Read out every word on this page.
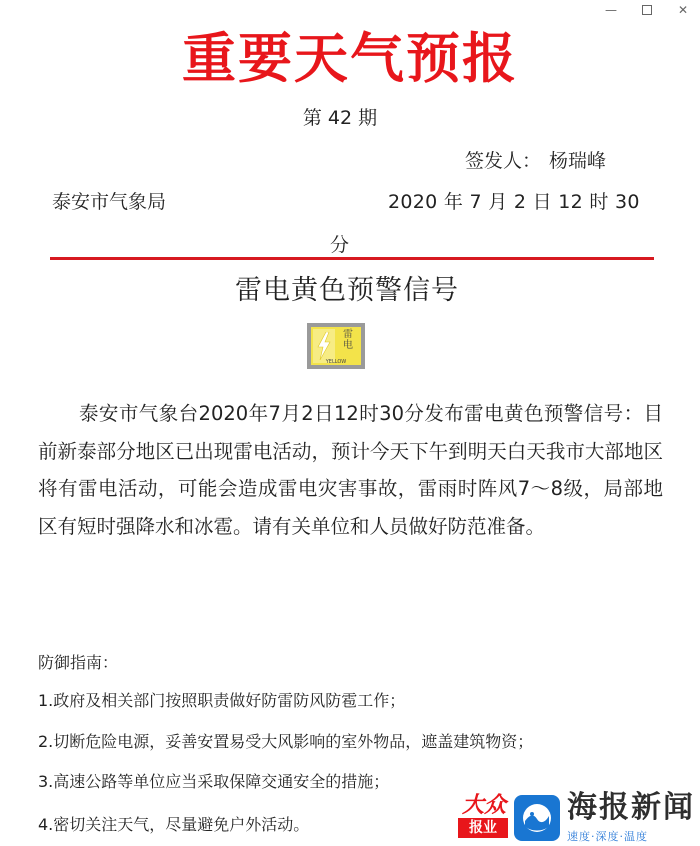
—	✕
重要天气预报
第 42 期
签发人： 杨瑞峰
泰安市气象局	2020 年 7 月 2 日 12 时 30
分
雷电黄色预警信号
雷
电
YELLOW
泰安市气象台2020年7月2日12时30分发布雷电黄色预警信号：目前新泰部分地区已出现雷电活动，预计今天下午到明天白天我市大部地区将有雷电活动，可能会造成雷电灾害事故，雷雨时阵风7～8级，局部地区有短时强降水和冰雹。请有关单位和人员做好防范准备。
防御指南：
1.政府及相关部门按照职责做好防雷防风防雹工作；
2.切断危险电源，妥善安置易受大风影响的室外物品，遮盖建筑物资；
3.高速公路等单位应当采取保障交通安全的措施；
4.密切关注天气，尽量避免户外活动。
大众
报业
海报新闻
速度·深度·温度
